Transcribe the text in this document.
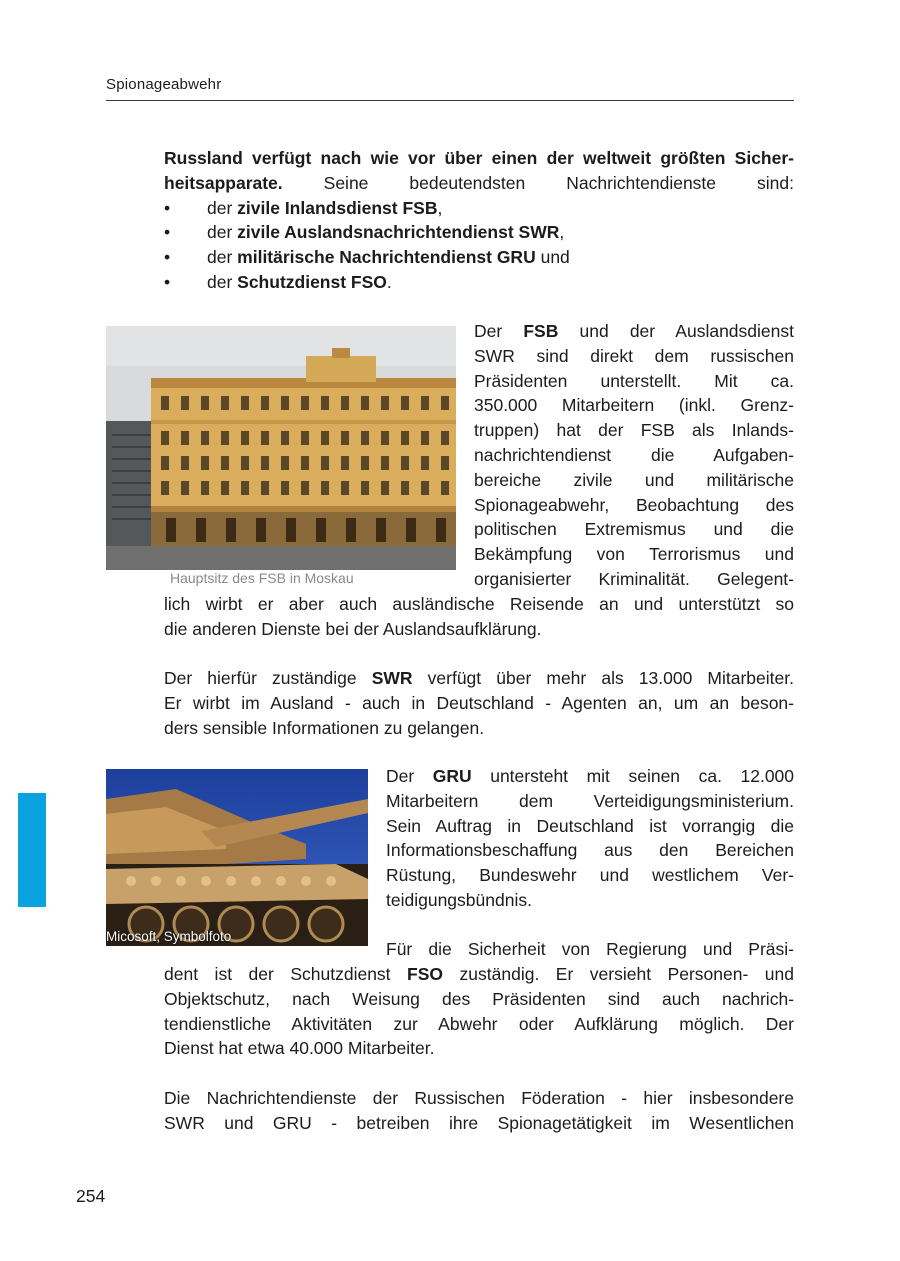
Spionageabwehr
Russland verfügt nach wie vor über einen der weltweit größten Sicher-
heitsapparate. Seine bedeutendsten Nachrichtendienste sind:
• der zivile Inlandsdienst FSB,
• der zivile Auslandsnachrichtendienst SWR,
• der militärische Nachrichtendienst GRU und
• der Schutzdienst FSO.
Hauptsitz des FSB in Moskau
Der FSB und der Auslandsdienst
SWR sind direkt dem russischen
Präsidenten unterstellt. Mit ca.
350.000 Mitarbeitern (inkl. Grenz-
truppen) hat der FSB als Inlands-
nachrichtendienst die Aufgaben-
bereiche zivile und militärische
Spionageabwehr, Beobachtung des
politischen Extremismus und die
Bekämpfung von Terrorismus und
organisierter Kriminalität. Gelegent-
lich wirbt er aber auch ausländische Reisende an und unterstützt so
die anderen Dienste bei der Auslandsaufklärung.
Der hierfür zuständige SWR verfügt über mehr als 13.000 Mitarbeiter.
Er wirbt im Ausland - auch in Deutschland - Agenten an, um an beson-
ders sensible Informationen zu gelangen.
Micosoft, Symbolfoto
Der GRU untersteht mit seinen ca. 12.000
Mitarbeitern dem Verteidigungsministerium.
Sein Auftrag in Deutschland ist vorrangig die
Informationsbeschaffung aus den Bereichen
Rüstung, Bundeswehr und westlichem Ver-
teidigungsbündnis.
Für die Sicherheit von Regierung und Präsi-
dent ist der Schutzdienst FSO zuständig. Er versieht Personen- und
Objektschutz, nach Weisung des Präsidenten sind auch nachrich-
tendienstliche Aktivitäten zur Abwehr oder Aufklärung möglich. Der
Dienst hat etwa 40.000 Mitarbeiter.
Die Nachrichtendienste der Russischen Föderation - hier insbesondere
SWR und GRU - betreiben ihre Spionagetätigkeit im Wesentlichen
254
